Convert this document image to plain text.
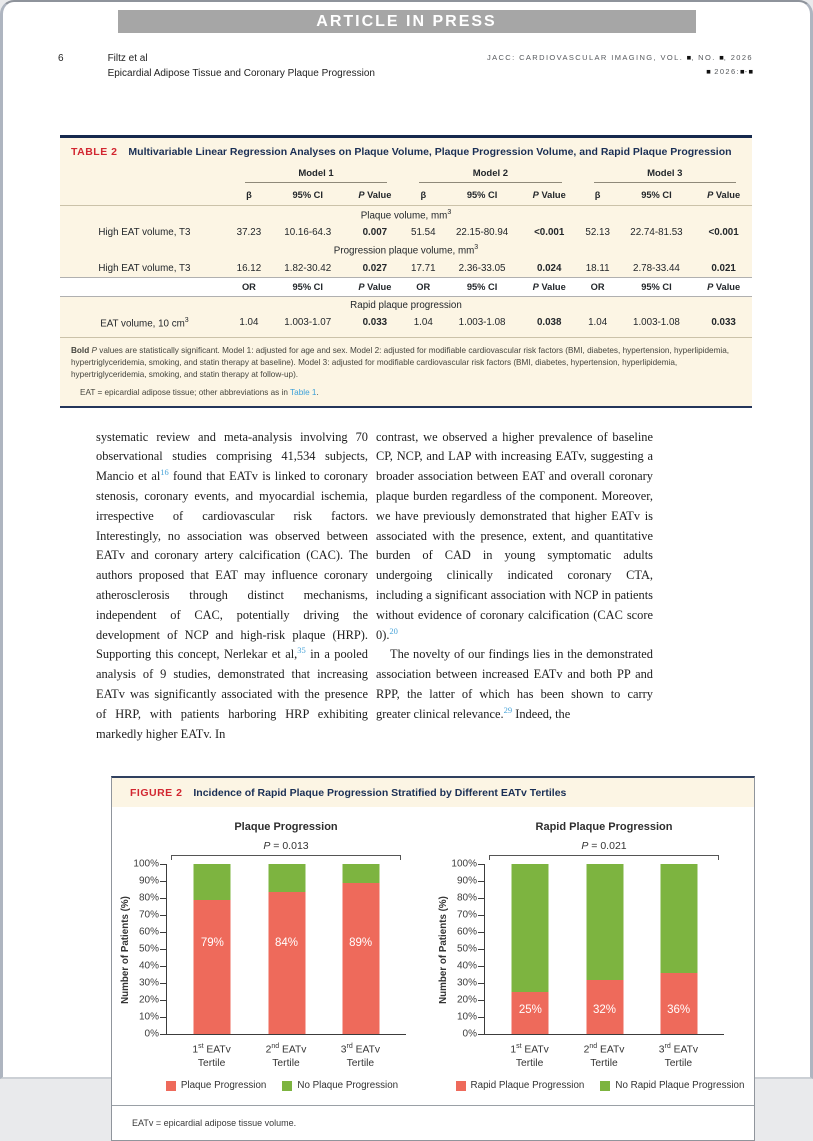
ARTICLE IN PRESS
6	Filtz et al
Epicardial Adipose Tissue and Coronary Plaque Progression
JACC: CARDIOVASCULAR IMAGING, VOL. ■, NO. ■, 2026
■ 2026:■-■
TABLE 2 Multivariable Linear Regression Analyses on Plaque Volume, Plaque Progression Volume, and Rapid Plaque Progression

	Model 1			Model 2			Model 3		

	β	95% CI	P Value	β	95% CI	P Value	β	95% CI	P Value
Plaque volume, $mm^3$
High EAT volume, T3	37.23	10.16-64.3	0.007	51.54	22.15-80.94	<0.001	52.13	22.74-81.53	<0.001
Progression plaque volume, $mm^3$
High EAT volume, T3	16.12	1.82-30.42	0.027	17.71	2.36-33.05	0.024	18.11	2.78-33.44	0.021
	OR	95% CI	P Value	OR	95% CI	P Value	OR	95% CI	P Value
Rapid plaque progression									
EAT volume, 10 $cm^3$	1.04	1.003-1.07	0.033	1.04	1.003-1.08	0.038	1.04	1.003-1.08	0.033
Bold P values are statistically significant. Model 1: adjusted for age and sex. Model 2: adjusted for modifiable cardiovascular risk factors (BMI, diabetes, hypertension, hyperlipidemia, hypertriglyceridemia, smoking, and statin therapy at baseline). Model 3: adjusted for modifiable cardiovascular risk factors (BMI, diabetes, hypertension, hyperlipidemia, hypertriglyceridemia, smoking, and statin therapy at follow-up).
EAT = epicardial adipose tissue; other abbreviations as in Table 1.
systematic review and meta-analysis involving 70 observational studies comprising 41,534 subjects, Mancio et al$^{16}$ found that EATv is linked to coronary stenosis, coronary events, and myocardial ischemia, irrespective of cardiovascular risk factors. Interestingly, no association was observed between EATv and coronary artery calcification (CAC). The authors proposed that EAT may influence coronary atherosclerosis through distinct mechanisms, independent of CAC, potentially driving the development of NCP and high-risk plaque (HRP). Supporting this concept, Nerlekar et al,$^{35}$ in a pooled analysis of 9 studies, demonstrated that increasing EATv was significantly associated with the presence of HRP, with patients harboring HRP exhibiting markedly higher EATv. In

contrast, we observed a higher prevalence of baseline CP, NCP, and LAP with increasing EATv, suggesting a broader association between EAT and overall coronary plaque burden regardless of the component. Moreover, we have previously demonstrated that higher EATv is associated with the presence, extent, and quantitative burden of CAD in young symptomatic adults undergoing clinically indicated coronary CTA, including a significant association with NCP in patients without evidence of coronary calcification (CAC score 0).$^{20}$

The novelty of our findings lies in the demonstrated association between increased EATv and both PP and RPP, the latter of which has been shown to carry greater clinical relevance.$^{29}$ Indeed, the

FIGURE 2 Incidence of Rapid Plaque Progression Stratified by Different EATv Tertiles
Plaque Progression
P = 0.013
Number of Patients (%)
0%
10%
20%
30%
40%
50%
60%
70%
80%
90%
100%
79%	84%	89%
1st EATv
Tertile
2nd EATv
Tertile
3rd EATv
Tertile
Plaque Progression	No Plaque Progression
Rapid Plaque Progression
P = 0.021
Number of Patients (%)
0%
10%
20%
30%
40%
50%
60%
70%
80%
90%
100%
25%	32%	36%
1st EATv
Tertile
2nd EATv
Tertile
3rd EATv
Tertile
Rapid Plaque Progression	No Rapid Plaque Progression
EATv = epicardial adipose tissue volume.
